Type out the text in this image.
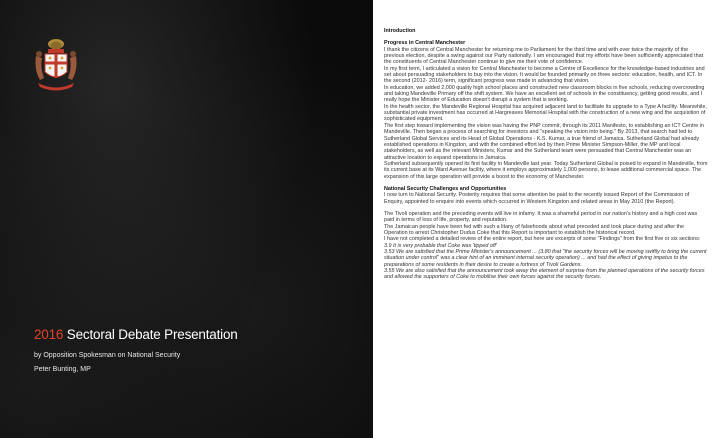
2016 Sectoral Debate Presentation
by Opposition Spokesman on National Security
Peter Bunting, MP

Introduction

Progress in Central Manchester

I thank the citizens of Central Manchester for returning me to Parliament for the third time and with over twice the majority of the previous election, despite a swing against our Party nationally. I am encouraged that my efforts have been sufficiently appreciated that the constituents of Central Manchester continue to give me their vote of confidence.

In my first term, I articulated a vision for Central Manchester to become a Centre of Excellence for the knowledge-based industries and set about persuading stakeholders to buy into the vision. It would be founded primarily on three sectors: education, health, and ICT. In the second (2012- 2016) term, significant progress was made in advancing that vision.

In education, we added 2,000 quality high school places and constructed new classroom blocks in five schools, reducing overcrowding and taking Mandeville Primary off the shift system. We have an excellent set of schools in the constituency, getting good results, and I really hope the Minister of Education doesn't disrupt a system that is working.

In the health sector, the Mandeville Regional Hospital has acquired adjacent land to facilitate its upgrade to a Type A facility. Meanwhile, substantial private investment has occurred at Hargreaves Memorial Hospital with the construction of a new wing and the acquisition of sophisticated equipment.

The first step toward implementing the vision was having the PNP commit, through its 2011 Manifesto, to establishing an ICT Centre in Mandeville. Then began a process of searching for investors and "speaking the vision into being." By 2013, that search had led to Sutherland Global Services and its Head of Global Operations - K.S. Kumar, a true friend of Jamaica. Sutherland Global had already established operations in Kingston, and with the combined effort led by then Prime Minister Simpson-Miller, the MP and local stakeholders, as well as the relevant Ministers, Kumar and the Sutherland team were persuaded that Central Manchester was an attractive location to expand operations in Jamaica.

Sutherland subsequently opened its first facility in Mandeville last year. Today Sutherland Global is poised to expand in Mandeville, from its current base at its Ward Avenue facility, where it employs approximately 1,000 persons, to lease additional commercial space. The expansion of this large operation will provide a boost to the economy of Manchester.

National Security Challenges and Opportunities

I now turn to National Security. Posterity requires that some attention be paid to the recently issued Report of the Commission of Enquiry, appointed to enquire into events which occurred in Western Kingston and related areas in May 2010 (the Report).

The Tivoli operation and the preceding events will live in infamy. It was a shameful period in our nation's history and a high cost was paid in terms of loss of life, property, and reputation.

The Jamaican people have been fed with such a litany of falsehoods about what preceded and took place during and after the Operation to arrest Christopher Dudus Coke that this Report is important to establish the historical record.

I have not completed a detailed review of the entire report, but here are excerpts of some "Findings" from the first five or six sections:

3.9 It is very probable that Coke was 'tipped off'

3.53 We are satisfied that the Prime Minister's announcement ... (3.80 that "the security forces will be moving swiftly to bring the current situation under control" was a clear hint of an imminent internal security operation) ... and had the effect of giving impetus to the preparations of some residents in their desire to create a fortress of Tivoli Gardens.

3.55 We are also satisfied that the announcement took away the element of surprise from the planned operations of the security forces and allowed the supporters of Coke to mobilise their own forces against the security forces.
